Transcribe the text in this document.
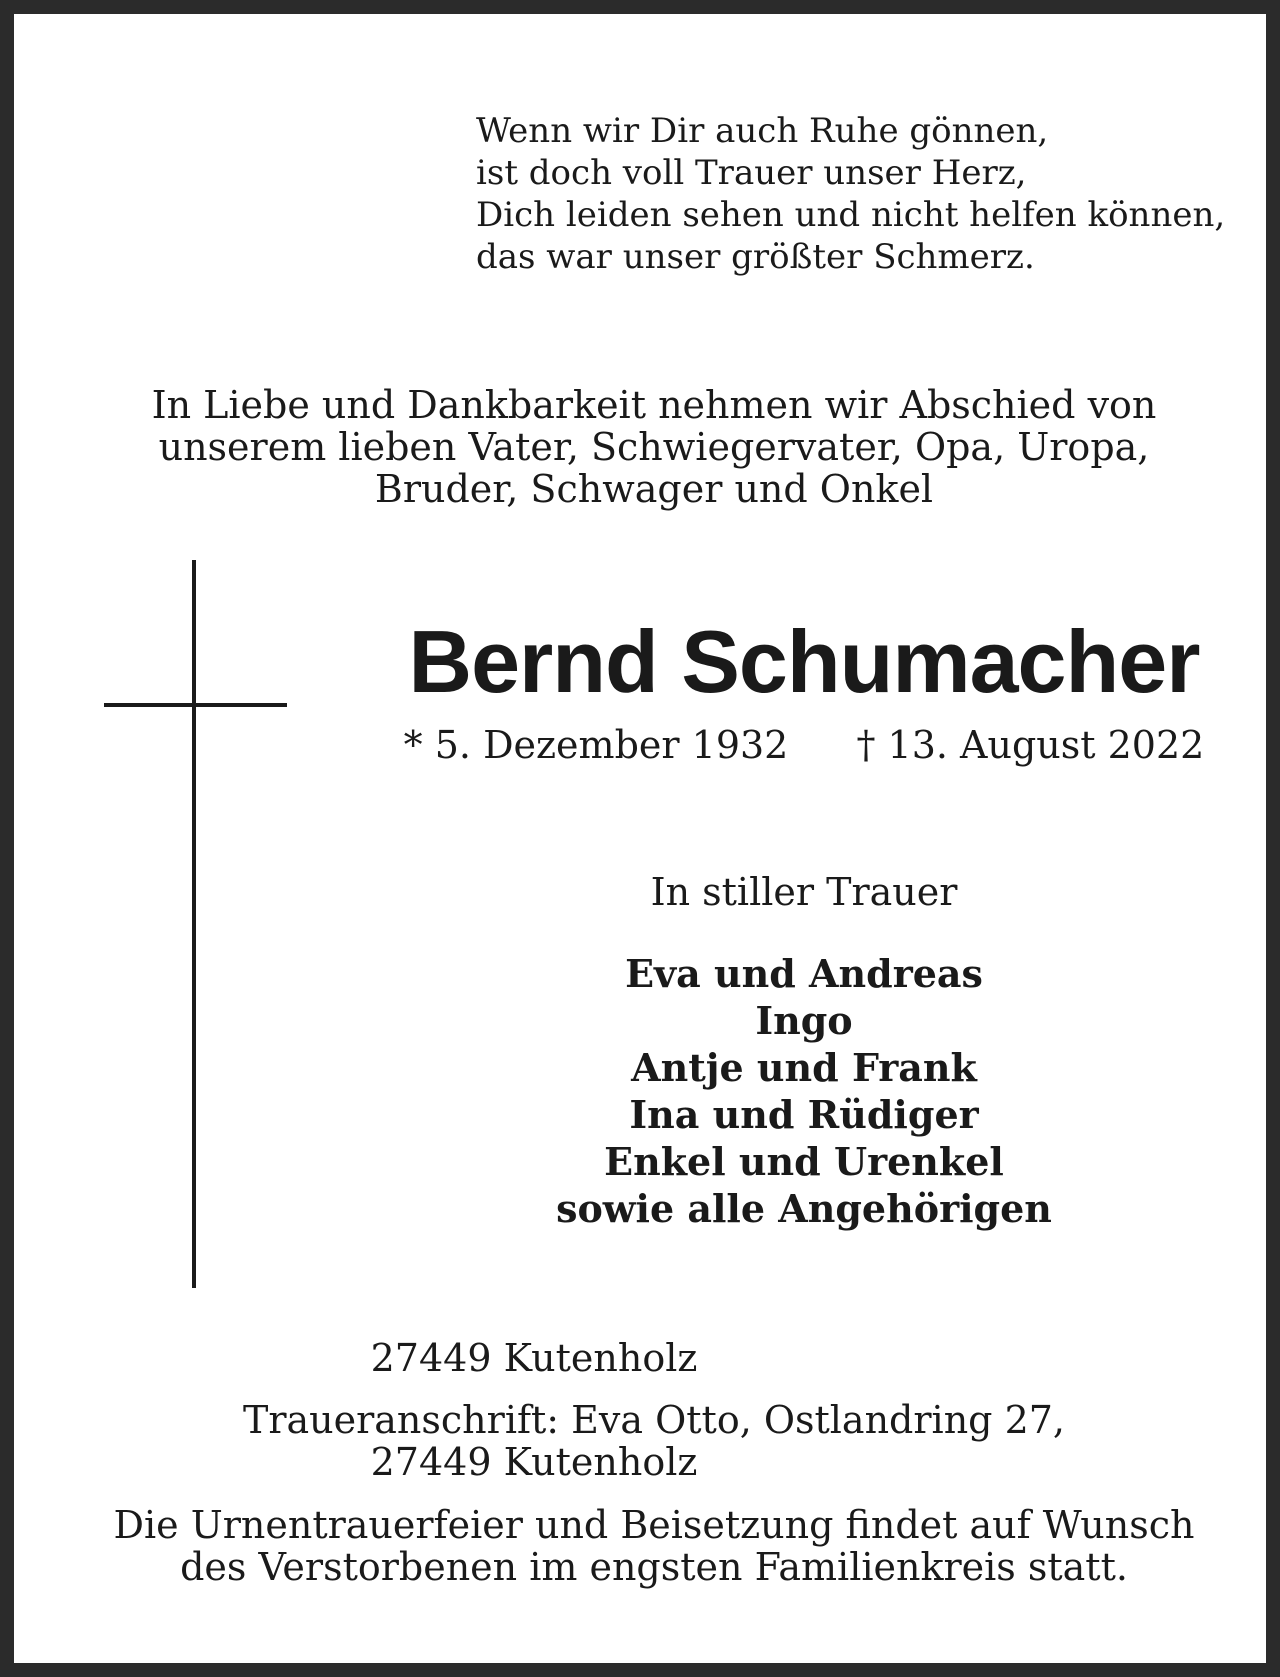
Wenn wir Dir auch Ruhe gönnen,
ist doch voll Trauer unser Herz,
Dich leiden sehen und nicht helfen können,
das war unser größter Schmerz.
In Liebe und Dankbarkeit nehmen wir Abschied von
unserem lieben Vater, Schwiegervater, Opa, Uropa,
Bruder, Schwager und Onkel
Bernd Schumacher
* 5. Dezember 1932 † 13. August 2022
In stiller Trauer
Eva und Andreas
Ingo
Antje und Frank
Ina und Rüdiger
Enkel und Urenkel
sowie alle Angehörigen
27449 Kutenholz
Traueranschrift: Eva Otto, Ostlandring 27,
27449 Kutenholz
Die Urnentrauerfeier und Beisetzung findet auf Wunsch
des Verstorbenen im engsten Familienkreis statt.
